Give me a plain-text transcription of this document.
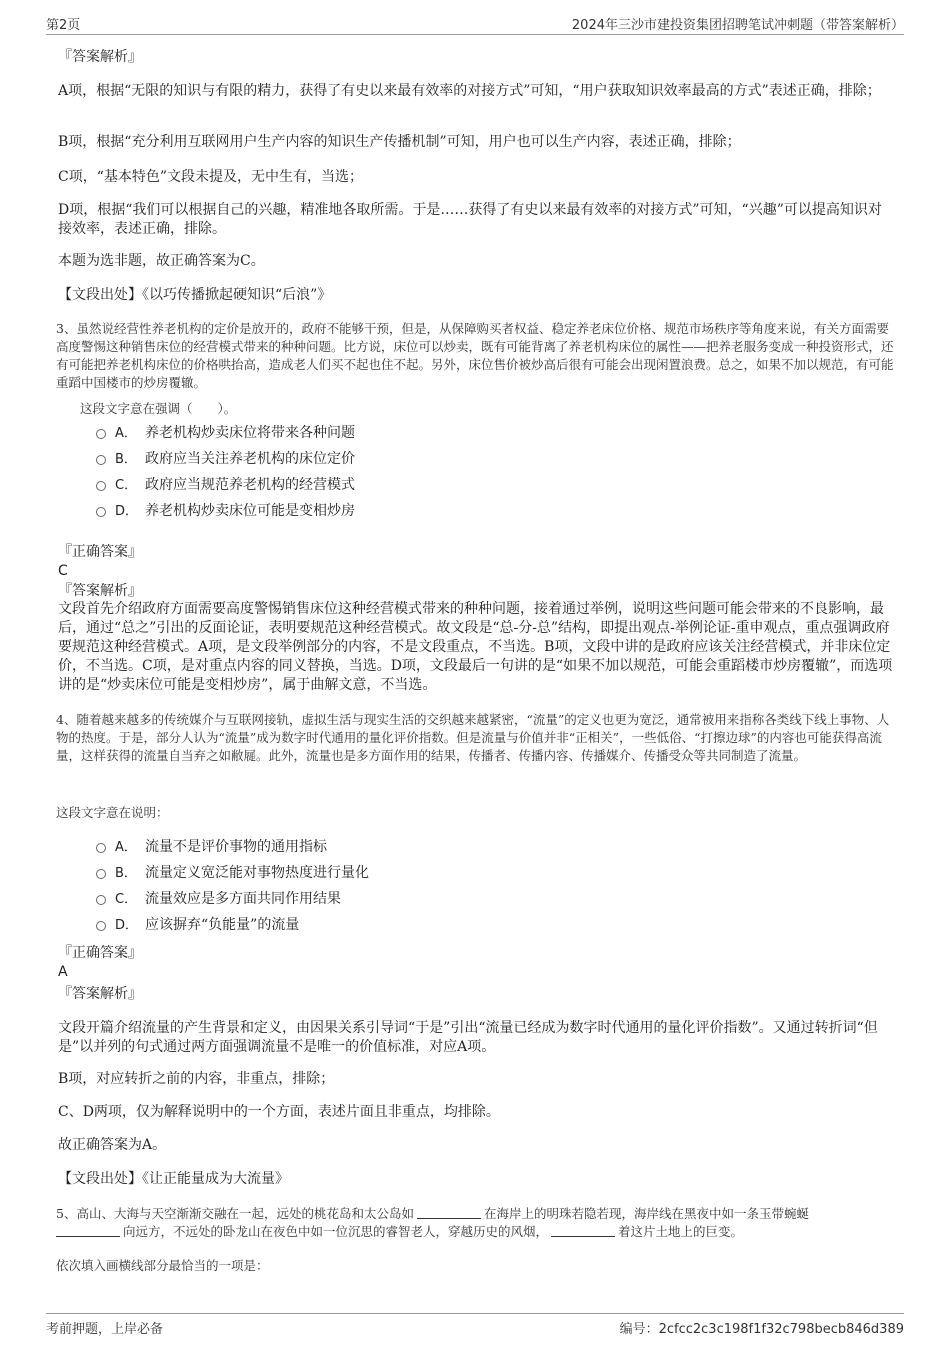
第2页	2024年三沙市建投资集团招聘笔试冲刺题（带答案解析）
『答案解析』
A项，根据“无限的知识与有限的精力，获得了有史以来最有效率的对接方式”可知，“用户获取知识效率最高的方式”表述正确，排除；
B项，根据“充分利用互联网用户生产内容的知识生产传播机制”可知，用户也可以生产内容，表述正确，排除；
C项，“基本特色”文段未提及，无中生有，当选；
D项，根据“我们可以根据自己的兴趣，精准地各取所需。于是……获得了有史以来最有效率的对接方式”可知，“兴趣”可以提高知识对接效率，表述正确，排除。
本题为选非题，故正确答案为C。
【文段出处】《以巧传播掀起硬知识“后浪”》
3、虽然说经营性养老机构的定价是放开的，政府不能够干预，但是，从保障购买者权益、稳定养老床位价格、规范市场秩序等角度来说，有关方面需要高度警惕这种销售床位的经营模式带来的种种问题。比方说，床位可以炒卖，既有可能背离了养老机构床位的属性——把养老服务变成一种投资形式，还有可能把养老机构床位的价格哄抬高，造成老人们买不起也住不起。另外，床位售价被炒高后很有可能会出现闲置浪费。总之，如果不加以规范，有可能重蹈中国楼市的炒房覆辙。
这段文字意在强调（　　）。
A． 养老机构炒卖床位将带来各种问题
B． 政府应当关注养老机构的床位定价
C． 政府应当规范养老机构的经营模式
D． 养老机构炒卖床位可能是变相炒房
『正确答案』
C
『答案解析』
文段首先介绍政府方面需要高度警惕销售床位这种经营模式带来的种种问题，接着通过举例，说明这些问题可能会带来的不良影响，最后，通过“总之”引出的反面论证，表明要规范这种经营模式。故文段是“总-分-总”结构，即提出观点-举例论证-重申观点，重点强调政府要规范这种经营模式。A项，是文段举例部分的内容，不是文段重点，不当选。B项，文段中讲的是政府应该关注经营模式，并非床位定价，不当选。C项，是对重点内容的同义替换，当选。D项，文段最后一句讲的是“如果不加以规范，可能会重蹈楼市炒房覆辙”，而选项讲的是“炒卖床位可能是变相炒房”，属于曲解文意，不当选。
4、随着越来越多的传统媒介与互联网接轨，虚拟生活与现实生活的交织越来越紧密，“流量”的定义也更为宽泛，通常被用来指称各类线下线上事物、人物的热度。于是，部分人认为“流量”成为数字时代通用的量化评价指数。但是流量与价值并非“正相关”，一些低俗、“打擦边球”的内容也可能获得高流量，这样获得的流量自当弃之如敝屣。此外，流量也是多方面作用的结果，传播者、传播内容、传播媒介、传播受众等共同制造了流量。
这段文字意在说明：
A． 流量不是评价事物的通用指标
B． 流量定义宽泛能对事物热度进行量化
C． 流量效应是多方面共同作用结果
D． 应该摒弃“负能量”的流量
『正确答案』
A
『答案解析』
文段开篇介绍流量的产生背景和定义，由因果关系引导词“于是”引出“流量已经成为数字时代通用的量化评价指数”。又通过转折词“但是”以并列的句式通过两方面强调流量不是唯一的价值标准，对应A项。
B项，对应转折之前的内容，非重点，排除；
C、D两项，仅为解释说明中的一个方面，表述片面且非重点，均排除。
故正确答案为A。
【文段出处】《让正能量成为大流量》
5、高山、大海与天空渐渐交融在一起，远处的桃花岛和太公岛如	在海岸上的明珠若隐若现，海岸线在黑夜中如一条玉带蜿蜒
向远方，不远处的卧龙山在夜色中如一位沉思的睿智老人，穿越历史的风烟，	着这片土地上的巨变。
依次填入画横线部分最恰当的一项是：
考前押题，上岸必备	编号：2cfcc2c3c198f1f32c798becb846d389
